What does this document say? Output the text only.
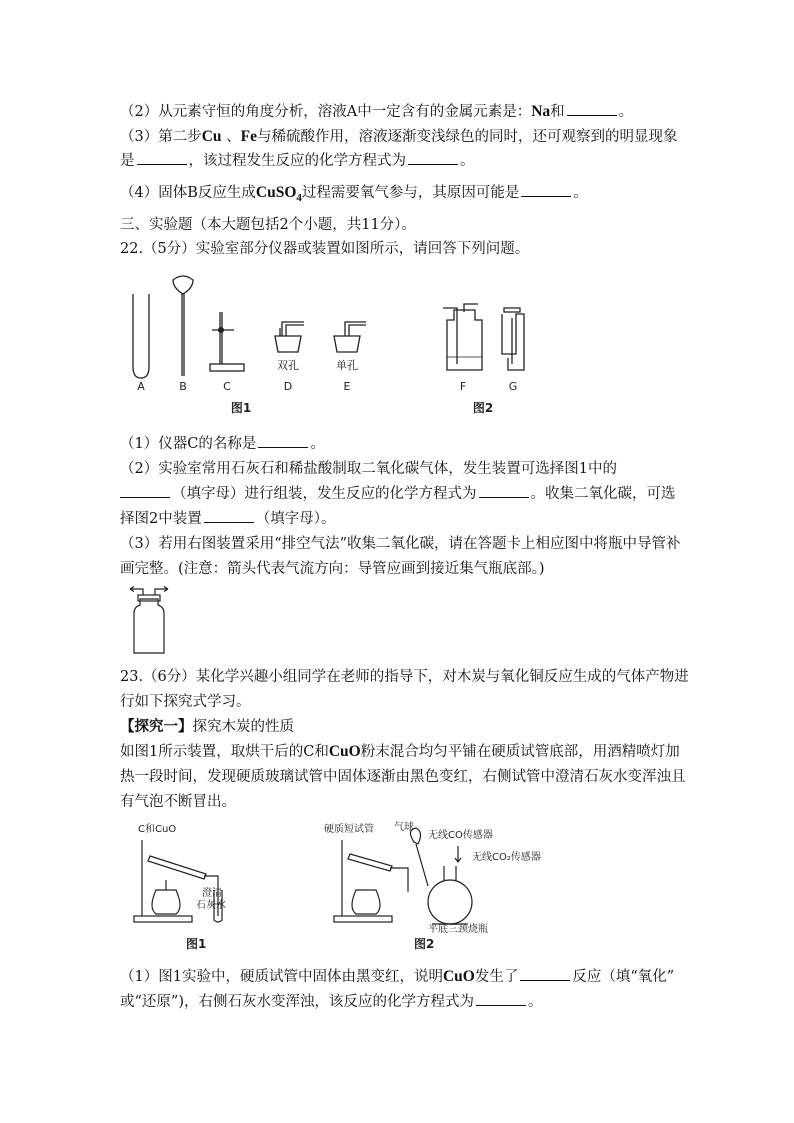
（2）从元素守恒的角度分析，溶液A中一定含有的金属元素是：Na和	。
（3）第二步Cu 、Fe与稀硫酸作用，溶液逐渐变浅绿色的同时，还可观察到的明显现象
是	，该过程发生反应的化学方程式为	。
（4）固体B反应生成CuSO$_4$过程需要氧气参与，其原因可能是	。
三、实验题（本大题包括2个小题，共11分）。
22.（5分）实验室部分仪器或装置如图所示，请回答下列问题。
A	B	C
双孔
D
单孔
E	F	G
图1	图2
（1）仪器C的名称是	。
（2）实验室常用石灰石和稀盐酸制取二氧化碳气体，发生装置可选择图1中的
（填字母）进行组装，发生反应的化学方程式为	。收集二氧化碳，可选
择图2中装置	（填字母）。
（3）若用右图装置采用“排空气法”收集二氧化碳，请在答题卡上相应图中将瓶中导管补
画完整。(注意：箭头代表气流方向：导管应画到接近集气瓶底部。)
23.（6分）某化学兴趣小组同学在老师的指导下，对木炭与氧化铜反应生成的气体产物进
行如下探究式学习。
【探究一】探究木炭的性质
如图1所示装置，取烘干后的C和CuO粉末混合均匀平铺在硬质试管底部，用酒精喷灯加
热一段时间，发现硬质玻璃试管中固体逐渐由黑色变红，右侧试管中澄清石灰水变浑浊且
有气泡不断冒出。
C和CuO
澄清
石灰水
硬质短试管 气球
无线CO传感器
无线CO₂传感器
平底三颈烧瓶
图1	图2
（1）图1实验中，硬质试管中固体由黑变红，说明CuO发生了	反应（填“氧化”
或“还原”)，右侧石灰水变浑浊，该反应的化学方程式为	。
